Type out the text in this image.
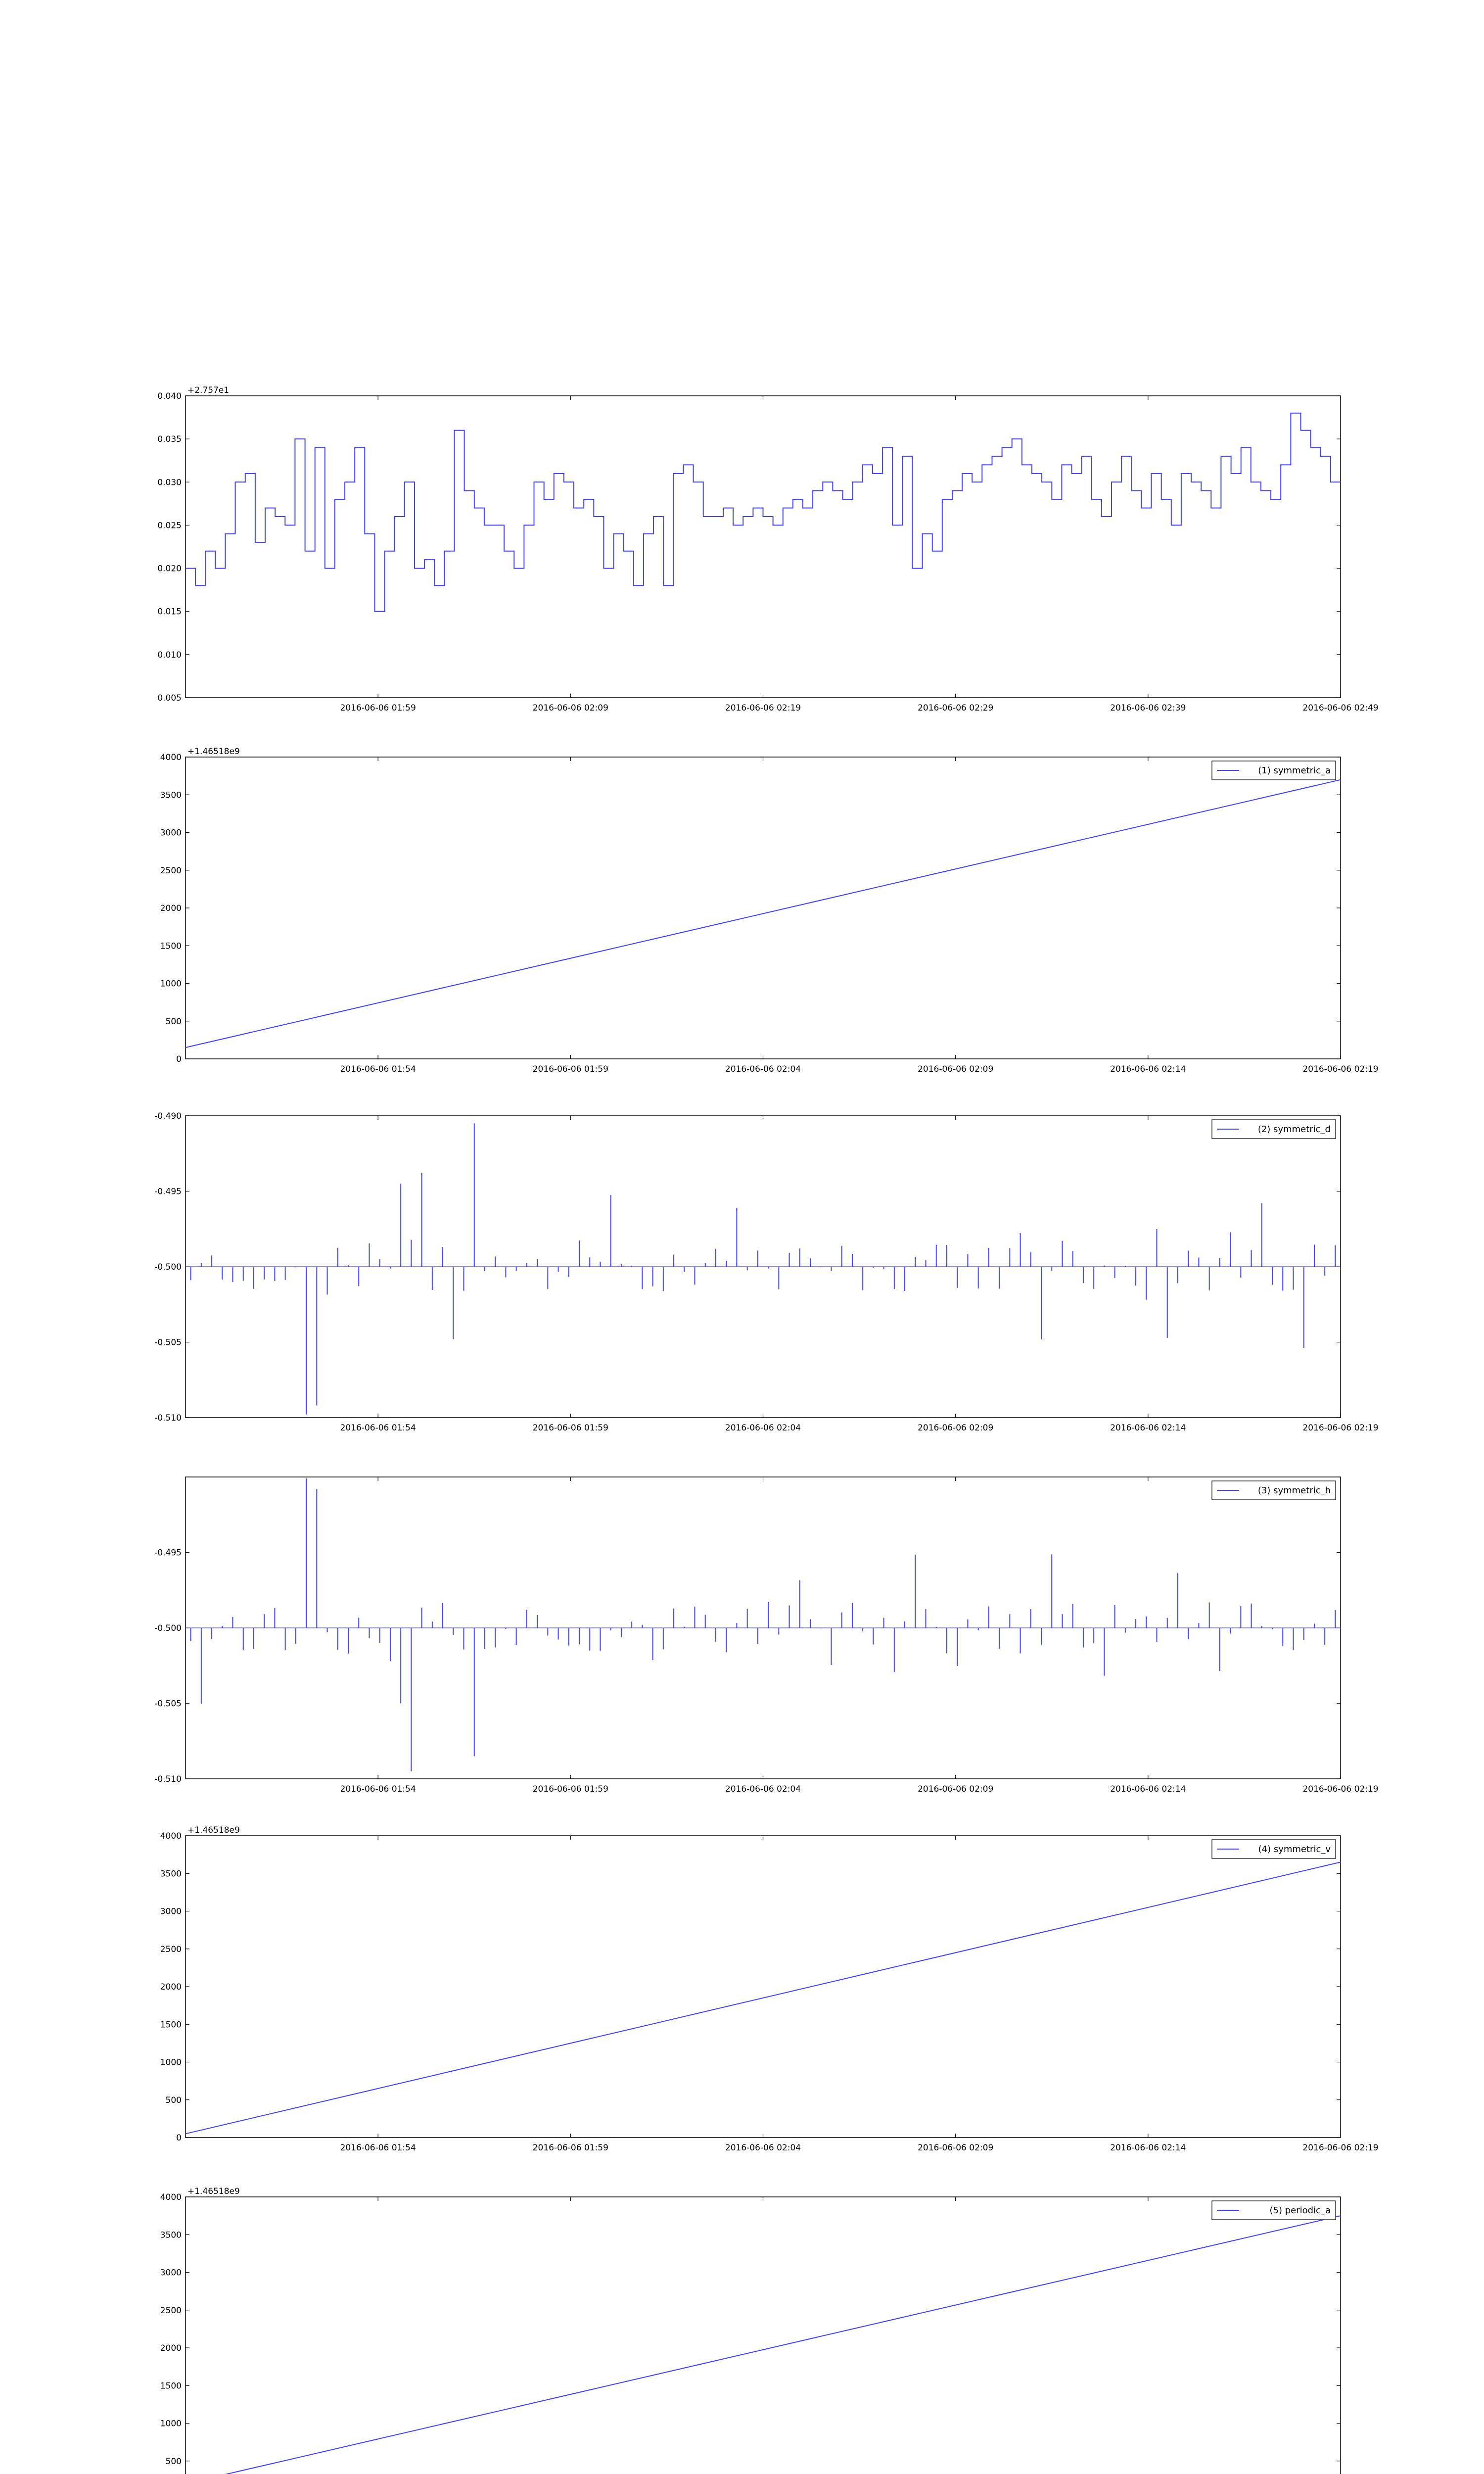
0.005
0.010
0.015
0.020
0.025
0.030
0.035
0.040
2016-06-06 01:59	2016-06-06 02:09	2016-06-06 02:19	2016-06-06 02:29	2016-06-06 02:39	2016-06-06 02:49
+2.757e1
0
500
1000
1500
2000
2500
3000
3500
4000
2016-06-06 01:54	2016-06-06 01:59	2016-06-06 02:04	2016-06-06 02:09	2016-06-06 02:14	2016-06-06 02:19
+1.46518e9
(1) symmetric_a
-0.510
-0.505
-0.500
-0.495
-0.490
2016-06-06 01:54	2016-06-06 01:59	2016-06-06 02:04	2016-06-06 02:09	2016-06-06 02:14	2016-06-06 02:19
(2) symmetric_d
-0.510
-0.505
-0.500
-0.495
2016-06-06 01:54	2016-06-06 01:59	2016-06-06 02:04	2016-06-06 02:09	2016-06-06 02:14	2016-06-06 02:19
(3) symmetric_h
0
500
1000
1500
2000
2500
3000
3500
4000
2016-06-06 01:54	2016-06-06 01:59	2016-06-06 02:04	2016-06-06 02:09	2016-06-06 02:14	2016-06-06 02:19
+1.46518e9
(4) symmetric_v
500
1000
1500
2000
2500
3000
3500
4000
+1.46518e9
(5) periodic_a
